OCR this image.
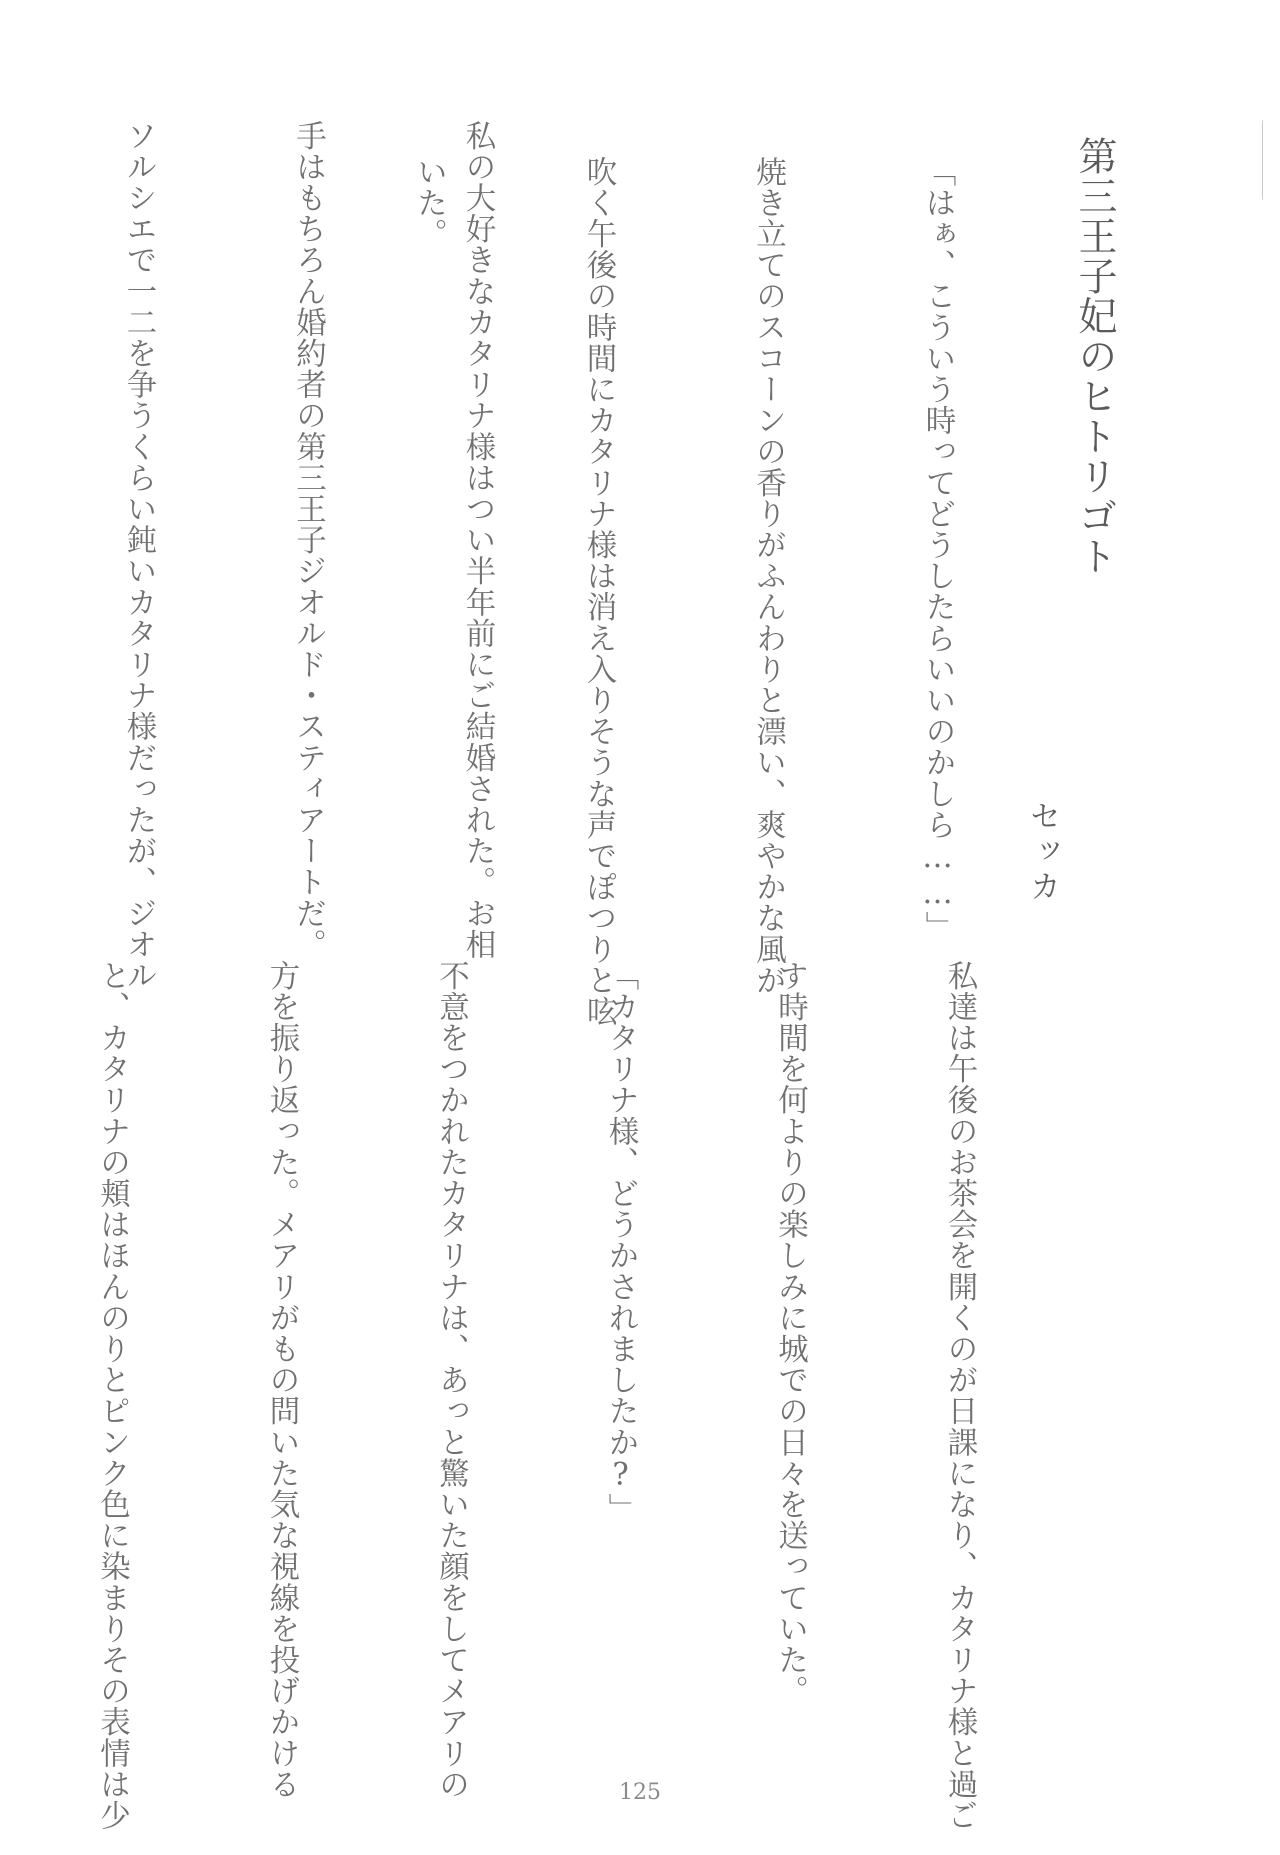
第三王子妃のヒトリゴト
セッカ

「はぁ、こういう時ってどうしたらいいのかしら……」

焼き立てのスコーンの香りがふんわりと漂い、爽やかな風が

吹く午後の時間にカタリナ様は消え入りそうな声でぽつりと呟

いた。

私の大好きなカタリナ様はつい半年前にご結婚された。お相

手はもちろん婚約者の第三王子ジオルド・スティアートだ。

ソルシエで一二を争うくらい鈍いカタリナ様だったが、ジオル

私達は午後のお茶会を開くのが日課になり、カタリナ様と過ご

す時間を何よりの楽しみに城での日々を送っていた。

「カタリナ様、どうかされましたか?」

不意をつかれたカタリナは、あっと驚いた顔をしてメアリの

方を振り返った。メアリがもの問いた気な視線を投げかける

と、カタリナの頬はほんのりとピンク色に染まりその表情は少

	125
